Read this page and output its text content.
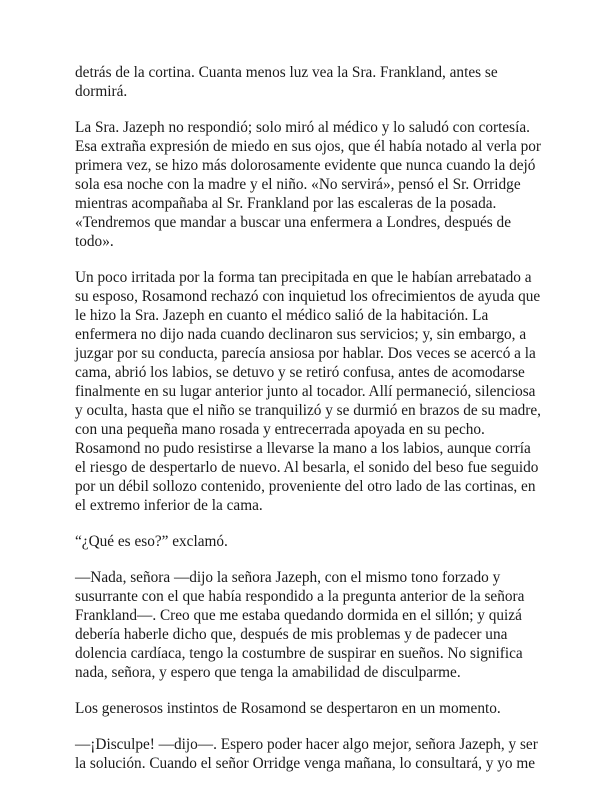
detrás de la cortina. Cuanta menos luz vea la Sra. Frankland, antes se dormirá.

La Sra. Jazeph no respondió; solo miró al médico y lo saludó con cortesía. Esa extraña expresión de miedo en sus ojos, que él había notado al verla por primera vez, se hizo más dolorosamente evidente que nunca cuando la dejó sola esa noche con la madre y el niño. «No servirá», pensó el Sr. Orridge mientras acompañaba al Sr. Frankland por las escaleras de la posada. «Tendremos que mandar a buscar una enfermera a Londres, después de todo».

Un poco irritada por la forma tan precipitada en que le habían arrebatado a su esposo, Rosamond rechazó con inquietud los ofrecimientos de ayuda que le hizo la Sra. Jazeph en cuanto el médico salió de la habitación. La enfermera no dijo nada cuando declinaron sus servicios; y, sin embargo, a juzgar por su conducta, parecía ansiosa por hablar. Dos veces se acercó a la cama, abrió los labios, se detuvo y se retiró confusa, antes de acomodarse finalmente en su lugar anterior junto al tocador. Allí permaneció, silenciosa y oculta, hasta que el niño se tranquilizó y se durmió en brazos de su madre, con una pequeña mano rosada y entrecerrada apoyada en su pecho. Rosamond no pudo resistirse a llevarse la mano a los labios, aunque corría el riesgo de despertarlo de nuevo. Al besarla, el sonido del beso fue seguido por un débil sollozo contenido, proveniente del otro lado de las cortinas, en el extremo inferior de la cama.

“¿Qué es eso?” exclamó.

—Nada, señora —dijo la señora Jazeph, con el mismo tono forzado y susurrante con el que había respondido a la pregunta anterior de la señora Frankland—. Creo que me estaba quedando dormida en el sillón; y quizá debería haberle dicho que, después de mis problemas y de padecer una dolencia cardíaca, tengo la costumbre de suspirar en sueños. No significa nada, señora, y espero que tenga la amabilidad de disculparme.

Los generosos instintos de Rosamond se despertaron en un momento.

—¡Disculpe! —dijo—. Espero poder hacer algo mejor, señora Jazeph, y ser la solución. Cuando el señor Orridge venga mañana, lo consultará, y yo me
